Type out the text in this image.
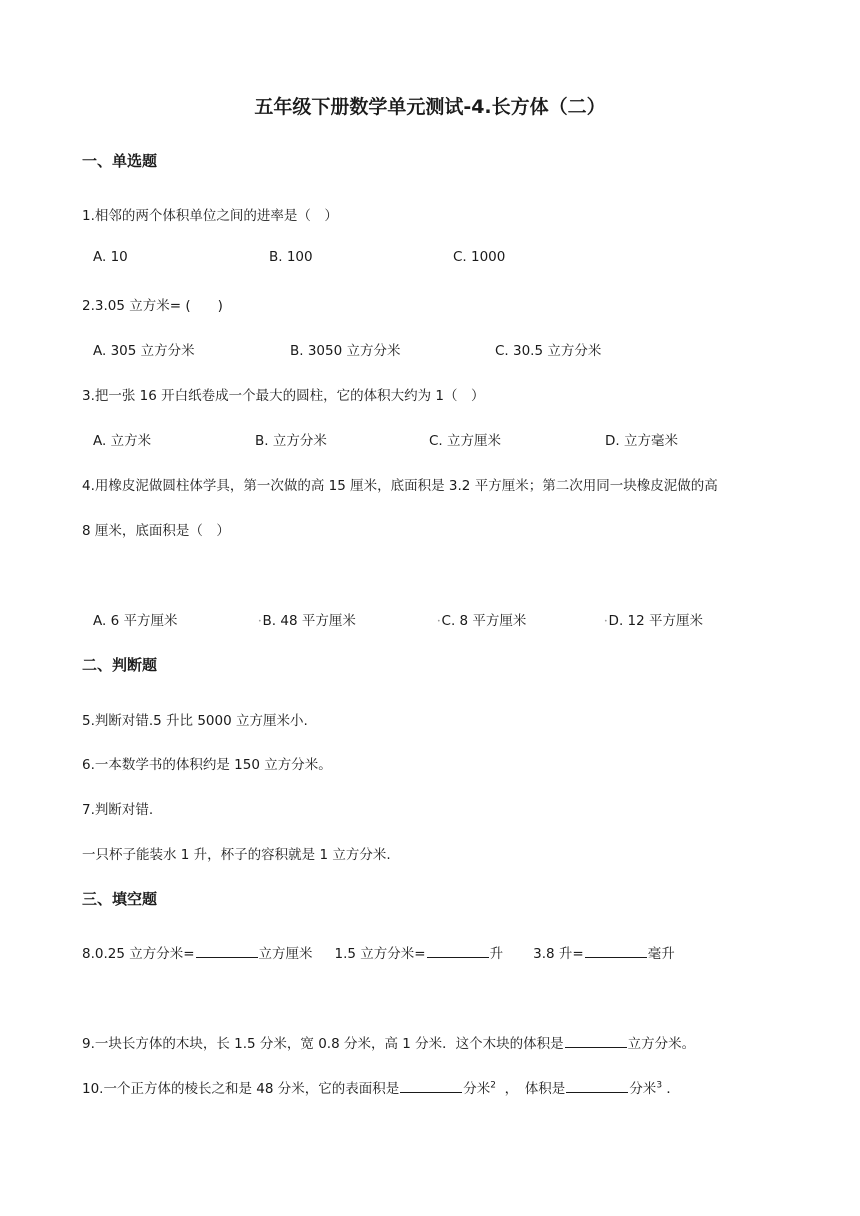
五年级下册数学单元测试-4.长方体（二）
一、单选题
1.相邻的两个体积单位之间的进率是（　）
A. 10	B. 100	C. 1000
2.3.05 立方米= (　　)
A. 305 立方分米	B. 3050 立方分米	C. 30.5 立方分米
3.把一张 16 开白纸卷成一个最大的圆柱，它的体积大约为 1（　）
A. 立方米	B. 立方分米	C. 立方厘米	D. 立方毫米
4.用橡皮泥做圆柱体学具，第一次做的高 15 厘米，底面积是 3.2 平方厘米；第二次用同一块橡皮泥做的高
8 厘米，底面积是（　）
A. 6 平方厘米	•B. 48 平方厘米	•C. 8 平方厘米	•D. 12 平方厘米
二、判断题
5.判断对错.5 升比 5000 立方厘米小.
6.一本数学书的体积约是 150 立方分米。
7.判断对错.
一只杯子能装水 1 升，杯子的容积就是 1 立方分米.
三、填空题
8.0.25 立方分米=	立方厘米 1.5 立方分米=	升 3.8 升=	毫升
9.一块长方体的木块，长 1.5 分米，宽 0.8 分米，高 1 分米．这个木块的体积是	立方分米。
10.一个正方体的棱长之和是 48 分米，它的表面积是	分米$^2$ ，　体积是	分米$^3$ ．
